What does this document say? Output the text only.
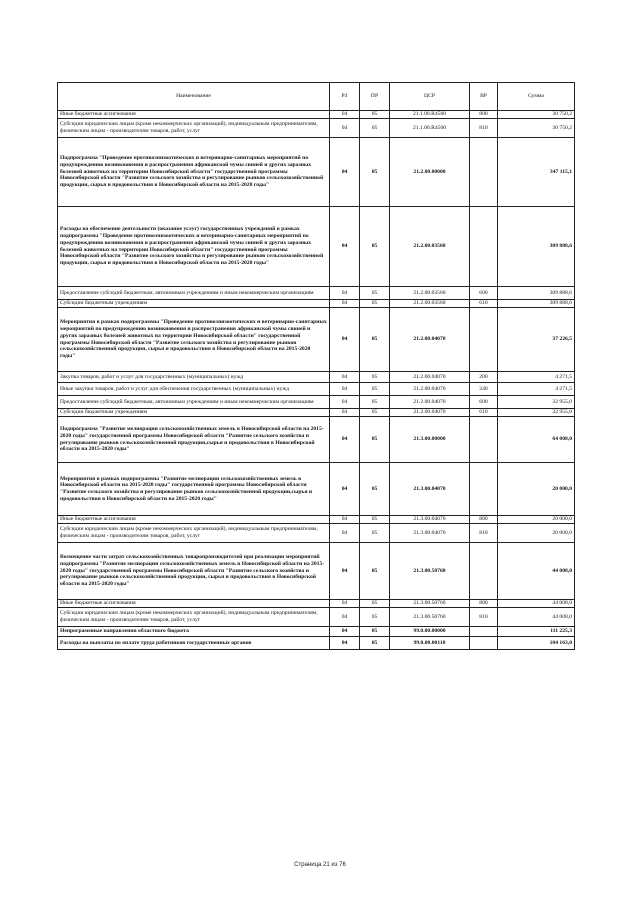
Наименование	РЗ	ПР	ЦСР	ВР	Сумма
Иные бюджетные ассигнования	04	05	21.1.00.R4500	800	30 750,2
Субсидии юридическим лицам (кроме некоммерческих организаций), индивидуальным предпринимателям, физическим лицам - производителям товаров, работ, услуг	04	05	21.1.00.R4500	810	30 750,2
Подпрограмма "Проведение противоэпизоотических и ветеринарно-санитарных мероприятий по предупреждению возникновения и распространения африканской чумы свиней и других заразных болезней животных на территории Новосибирской области" государственной программы Новосибирской области "Развитие сельского хозяйства и регулирование рынков сельскохозяйственной продукции, сырья и продовольствия в Новосибирской области на 2015-2020 годы"	04	05	21.2.00.00000		347 115,1
Расходы на обеспечение деятельности (оказание услуг) государственных учреждений в рамках подпрограммы "Проведение противоэпизоотических и ветеринарно-санитарных мероприятий по предупреждению возникновения и распространения африканской чумы свиней и других заразных болезней животных на территории Новосибирской области" государственной программы Новосибирской области "Развитие сельского хозяйства и регулирование рынков сельскохозяйственной продукции, сырья и продовольствия в Новосибирской области на 2015-2020 годы"	04	05	21.2.00.03560		309 888,6
Предоставление субсидий бюджетным, автономным учреждениям и иным некоммерческим организациям	04	05	21.2.00.03560	600	309 888,6
Субсидии бюджетным учреждениям	04	05	21.2.00.03560	610	309 888,6
Мероприятия в рамках подпрограммы "Проведение противоэпизоотических и ветеринарно-санитарных мероприятий по предупреждению возникновения и распространения африканской чумы свиней и других заразных болезней животных на территории Новосибирской области" государственной программы Новосибирской области "Развитие сельского хозяйства и регулирование рынков сельскохозяйственной продукции, сырья и продовольствия в Новосибирской области на 2015-2020 годы"	04	05	21.2.00.04070		37 226,5
Закупка товаров, работ и услуг для государственных (муниципальных) нужд	04	05	21.2.00.04070	200	4 271,5
Иные закупки товаров, работ и услуг для обеспечения государственных (муниципальных) нужд	04	05	21.2.00.04070	240	4 271,5
Предоставление субсидий бюджетным, автономным учреждениям и иным некоммерческим организациям	04	05	21.2.00.04070	600	32 955,0
Субсидии бюджетным учреждениям	04	05	21.2.00.04070	610	32 955,0
Подпрограмма "Развитие мелиорации сельскохозяйственных земель в Новосибирской области на 2015-2020 годы" государственной программы Новосибирской области "Развитие сельского хозяйства и регулирование рынков сельскохозяйственной продукции,сырья и продовольствия в Новосибирской области на 2015-2020 годы"	04	05	21.3.00.00000		64 008,0
Мероприятия в рамках подпрограммы "Развитие мелиорации сельскохозяйственных земель в Новосибирской области на 2015-2020 годы" государственной программы Новосибирской области "Развитие сельского хозяйства и регулирование рынков сельскохозяйственной продукции,сырья и продовольствия в Новосибирской области на 2015-2020 годы"	04	05	21.3.00.04070		20 000,0
Иные бюджетные ассигнования	04	05	21.3.00.04070	800	20 000,0
Субсидии юридическим лицам (кроме некоммерческих организаций), индивидуальным предпринимателям, физическим лицам - производителям товаров, работ, услуг	04	05	21.3.00.04070	810	20 000,0
Возмещение части затрат сельскохозяйственных товаропроизводителей при реализации мероприятий подпрограммы "Развитие мелиорации сельскохозяйственных земель в Новосибирской области на 2015-2020 годы" государственной программы Новосибирской области "Развитие сельского хозяйства и регулирование рынков сельскохозяйственной продукции, сырья и продовольствия в Новосибирской области на 2015-2020 годы"	04	05	21.3.00.50760		44 008,0
Иные бюджетные ассигнования	04	05	21.3.00.50760	800	44 008,0
Субсидии юридическим лицам (кроме некоммерческих организаций), индивидуальным предпринимателям, физическим лицам - производителям товаров, работ, услуг	04	05	21.3.00.50760	810	44 008,0
Непрограммные направления областного бюджета	04	05	99.0.00.00000		111 225,3
Расходы на выплаты по оплате труда работников государственных органов	04	05	99.0.00.00110		104 163,0
Страница 21 из 76
